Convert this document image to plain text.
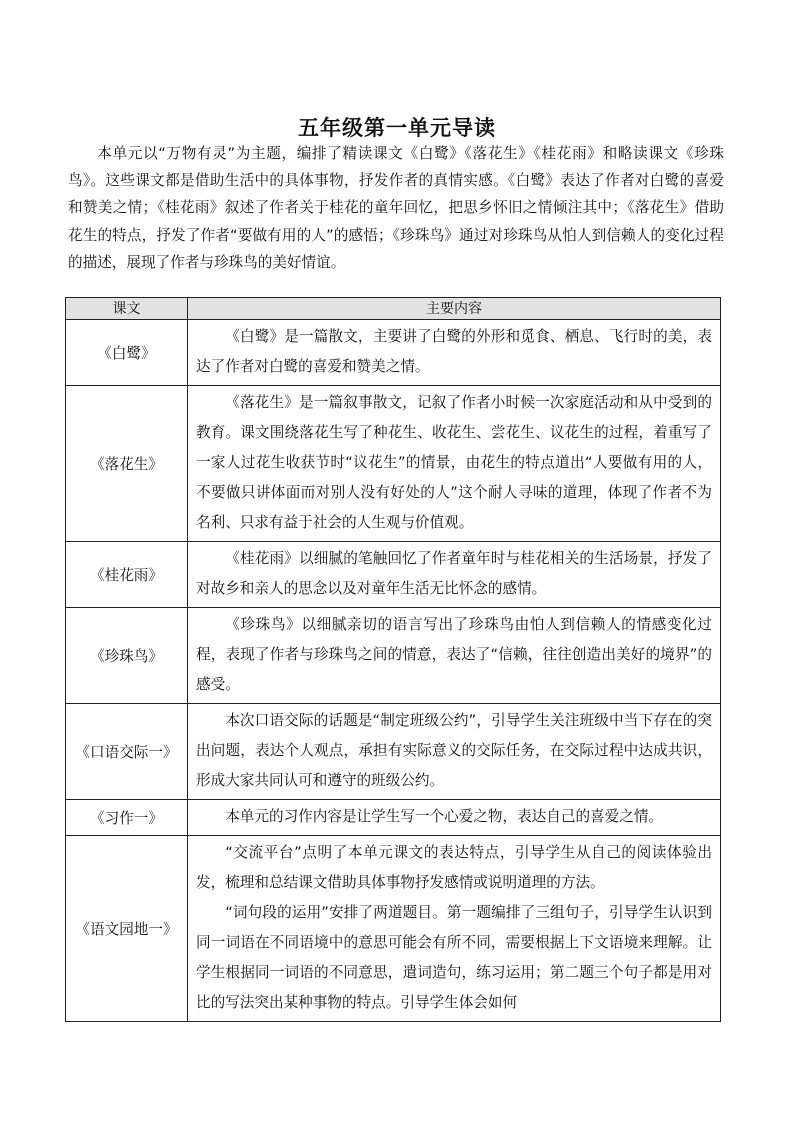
五年级第一单元导读

本单元以“万物有灵”为主题，编排了精读课文《白鹭》《落花生》《桂花雨》和略读课文《珍珠鸟》。这些课文都是借助生活中的具体事物，抒发作者的真情实感。《白鹭》表达了作者对白鹭的喜爱和赞美之情；《桂花雨》叙述了作者关于桂花的童年回忆，把思乡怀旧之情倾注其中；《落花生》借助花生的特点，抒发了作者“要做有用的人”的感悟；《珍珠鸟》通过对珍珠鸟从怕人到信赖人的变化过程的描述，展现了作者与珍珠鸟的美好情谊。

课文	主要内容
《白鹭》	《白鹭》是一篇散文，主要讲了白鹭的外形和觅食、栖息、飞行时的美，表达了作者对白鹭的喜爱和赞美之情。

《落花生》	《落花生》是一篇叙事散文，记叙了作者小时候一次家庭活动和从中受到的教育。课文围绕落花生写了种花生、收花生、尝花生、议花生的过程，着重写了一家人过花生收获节时“议花生”的情景，由花生的特点道出“人要做有用的人，不要做只讲体面而对别人没有好处的人”这个耐人寻味的道理，体现了作者不为名利、只求有益于社会的人生观与价值观。

《桂花雨》	《桂花雨》以细腻的笔触回忆了作者童年时与桂花相关的生活场景，抒发了对故乡和亲人的思念以及对童年生活无比怀念的感情。

《珍珠鸟》	《珍珠鸟》以细腻亲切的语言写出了珍珠鸟由怕人到信赖人的情感变化过程，表现了作者与珍珠鸟之间的情意，表达了“信赖，往往创造出美好的境界”的感受。

《口语交际一》	本次口语交际的话题是“制定班级公约”，引导学生关注班级中当下存在的突出问题，表达个人观点，承担有实际意义的交际任务，在交际过程中达成共识，形成大家共同认可和遵守的班级公约。

《习作一》	本单元的习作内容是让学生写一个心爱之物，表达自己的喜爱之情。

《语文园地一》	“交流平台”点明了本单元课文的表达特点，引导学生从自己的阅读体验出发，梳理和总结课文借助具体事物抒发感情或说明道理的方法。

“词句段的运用”安排了两道题目。第一题编排了三组句子，引导学生认识到同一词语在不同语境中的意思可能会有所不同，需要根据上下文语境来理解。让学生根据同一词语的不同意思，遣词造句，练习运用；第二题三个句子都是用对比的写法突出某种事物的特点。引导学生体会如何
